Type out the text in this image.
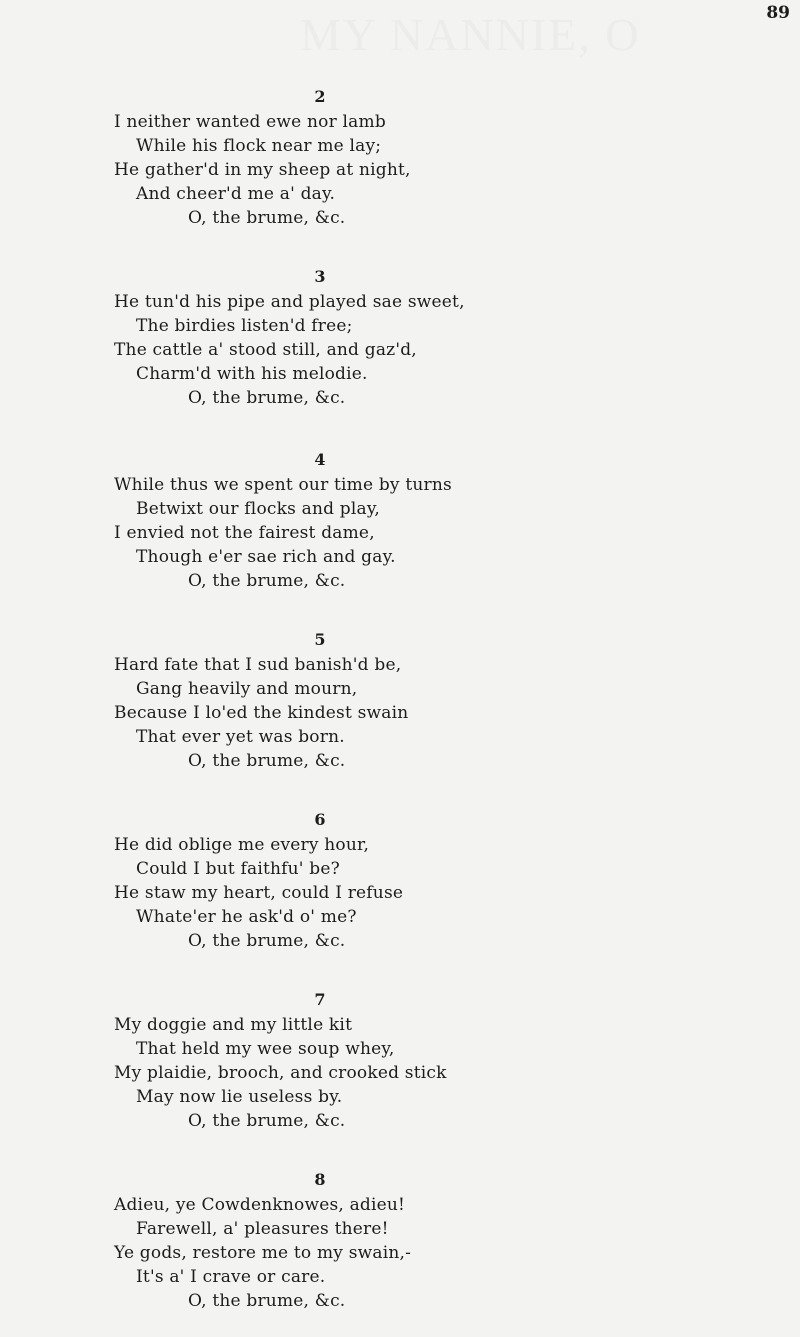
MY NANNIE, O	89
2
I neither wanted ewe nor lamb
While his flock near me lay;
He gather'd in my sheep at night,
And cheer'd me a' day.
O, the brume, &c.
3
He tun'd his pipe and played sae sweet,
The birdies listen'd free;
The cattle a' stood still, and gaz'd,
Charm'd with his melodie.
O, the brume, &c.
4
While thus we spent our time by turns
Betwixt our flocks and play,
I envied not the fairest dame,
Though e'er sae rich and gay.
O, the brume, &c.
5
Hard fate that I sud banish'd be,
Gang heavily and mourn,
Because I lo'ed the kindest swain
That ever yet was born.
O, the brume, &c.
6
He did oblige me every hour,
Could I but faithfu' be?
He staw my heart, could I refuse
Whate'er he ask'd o' me?
O, the brume, &c.
7
My doggie and my little kit
That held my wee soup whey,
My plaidie, brooch, and crooked stick
May now lie useless by.
O, the brume, &c.
8
Adieu, ye Cowdenknowes, adieu!
Farewell, a' pleasures there!
Ye gods, restore me to my swain,-
It's a' I crave or care.
O, the brume, &c.
